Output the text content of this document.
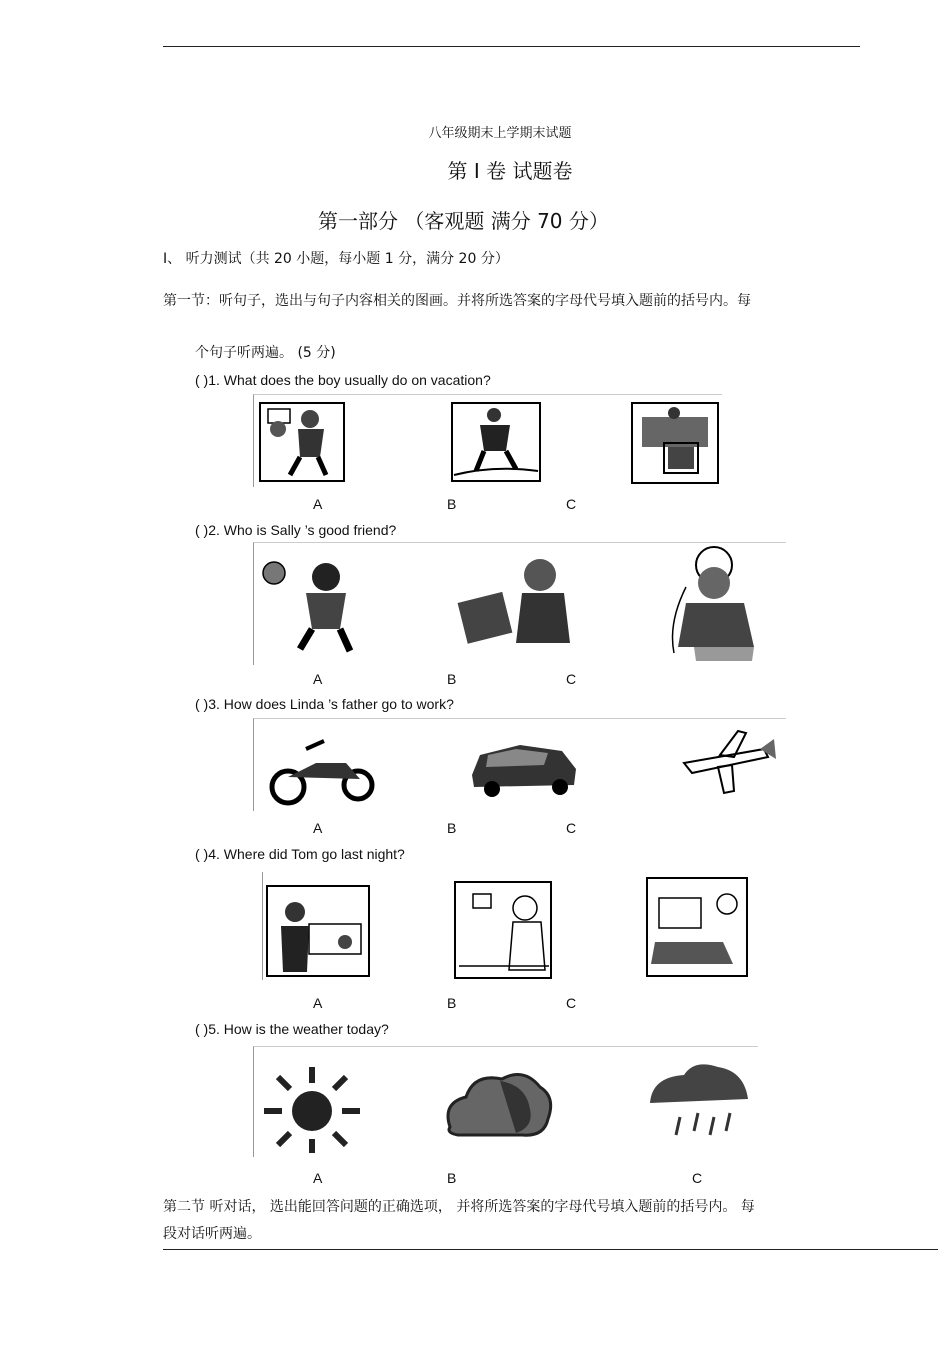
八年级期末上学期末试题
第 I 卷 试题卷
第一部分 （客观题 满分 70 分）
I、 听力测试（共 20 小题，每小题 1 分，满分 20 分）
第一节：听句子，选出与句子内容相关的图画。并将所选答案的字母代号填入题前的括号内。每
个句子听两遍。 (5 分)
( )1. What does the boy usually do on vacation?
A	B	C
( )2. Who is Sally ’s good friend?
A	B	C
( )3. How does Linda ’s father go to work?
A	B	C
( )4. Where did Tom go last night?
A	B	C
( )5. How is the weather today?
A	B	C
第二节 听对话， 选出能回答问题的正确选项， 并将所选答案的字母代号填入题前的括号内。 每
段对话听两遍。
